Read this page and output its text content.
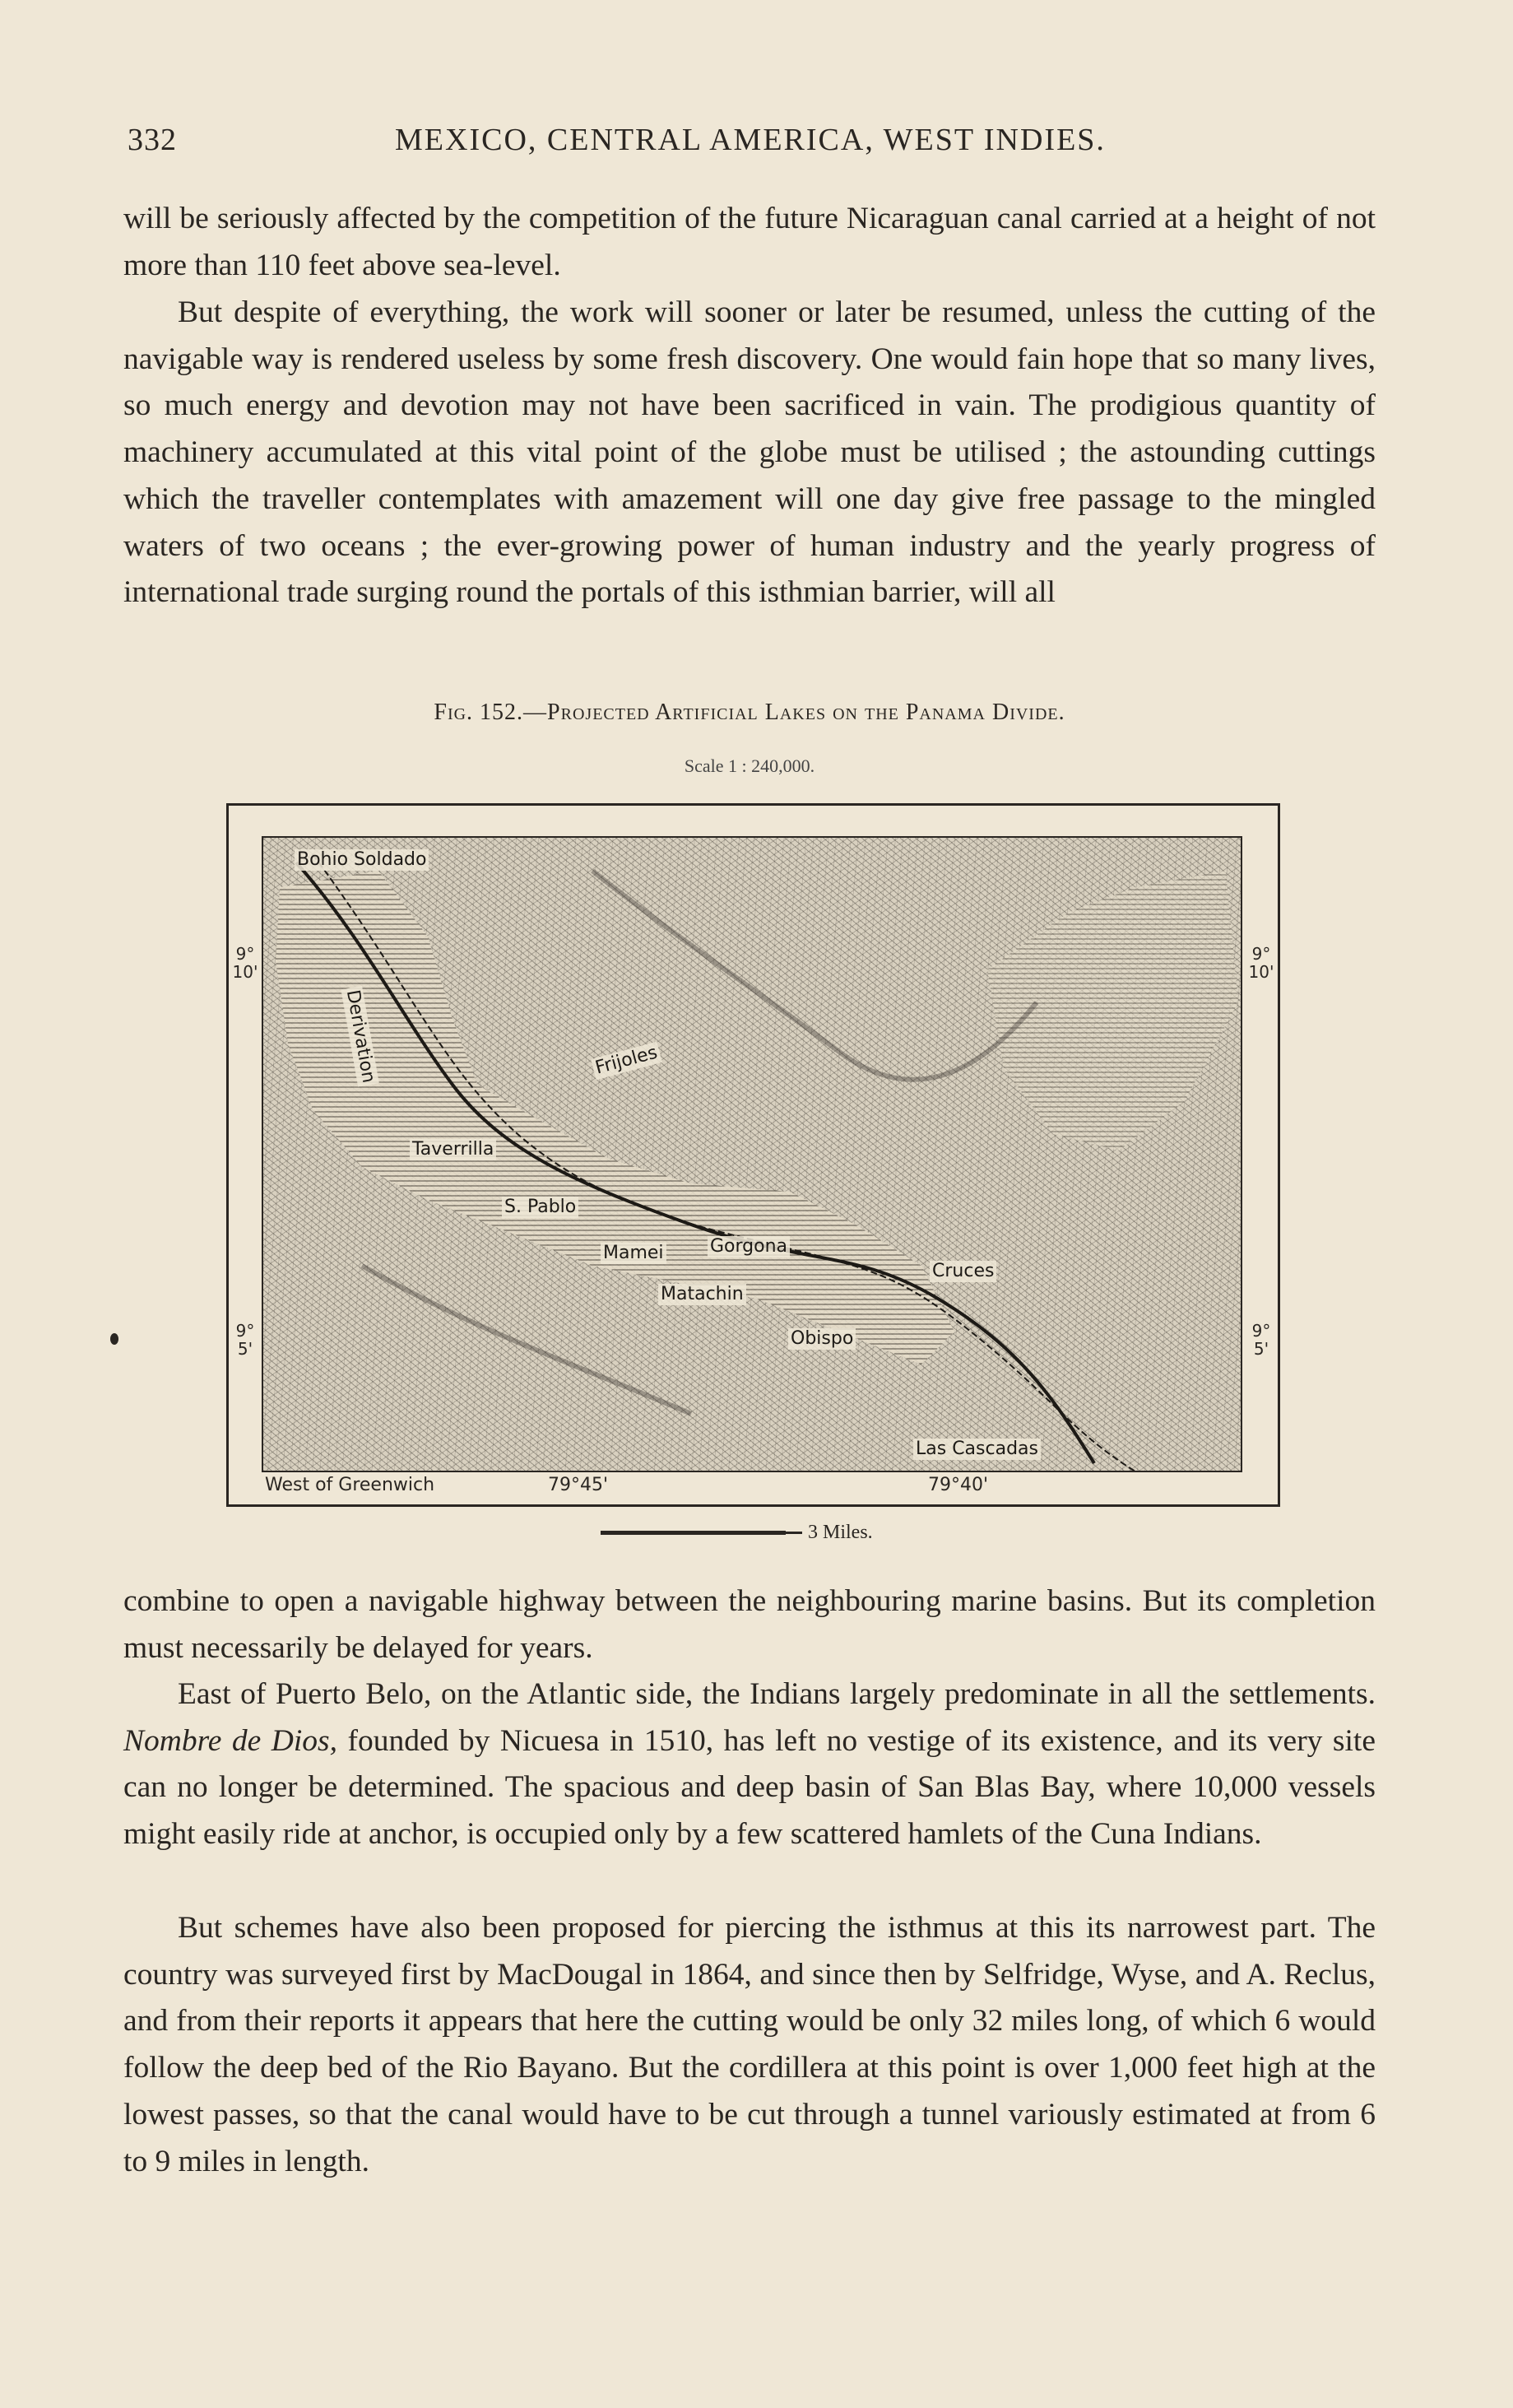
332	MEXICO, CENTRAL AMERICA, WEST INDIES.

will be seriously affected by the competition of the future Nicaraguan canal carried at a height of not more than 110 feet above sea-level.

But despite of everything, the work will sooner or later be resumed, unless the cutting of the navigable way is rendered useless by some fresh discovery. One would fain hope that so many lives, so much energy and devotion may not have been sacrificed in vain. The prodigious quantity of machinery accumulated at this vital point of the globe must be utilised ; the astounding cuttings which the traveller contemplates with amazement will one day give free passage to the mingled waters of two oceans ; the ever-growing power of human industry and the yearly progress of international trade surging round the portals of this isthmian barrier, will all

Fig. 152.—Projected Artificial Lakes on the Panama Divide.
Scale 1 : 240,000.
Bohio Soldado
Derivation	Frijoles
Taverrilla
S. Pablo
Mamei	Gorgona
Matachin
Cruces
Obispo
Las Cascadas
9°
10'
9°
10'
9°
5'
9°
5'
West of Greenwich	79°45'	79°40'
3 Miles.

combine to open a navigable highway between the neighbouring marine basins. But its completion must necessarily be delayed for years.

East of Puerto Belo, on the Atlantic side, the Indians largely predominate in all the settlements. Nombre de Dios, founded by Nicuesa in 1510, has left no vestige of its existence, and its very site can no longer be determined. The spacious and deep basin of San Blas Bay, where 10,000 vessels might easily ride at anchor, is occupied only by a few scattered hamlets of the Cuna Indians.

But schemes have also been proposed for piercing the isthmus at this its narrowest part. The country was surveyed first by MacDougal in 1864, and since then by Selfridge, Wyse, and A. Reclus, and from their reports it appears that here the cutting would be only 32 miles long, of which 6 would follow the deep bed of the Rio Bayano. But the cordillera at this point is over 1,000 feet high at the lowest passes, so that the canal would have to be cut through a tunnel variously estimated at from 6 to 9 miles in length.
